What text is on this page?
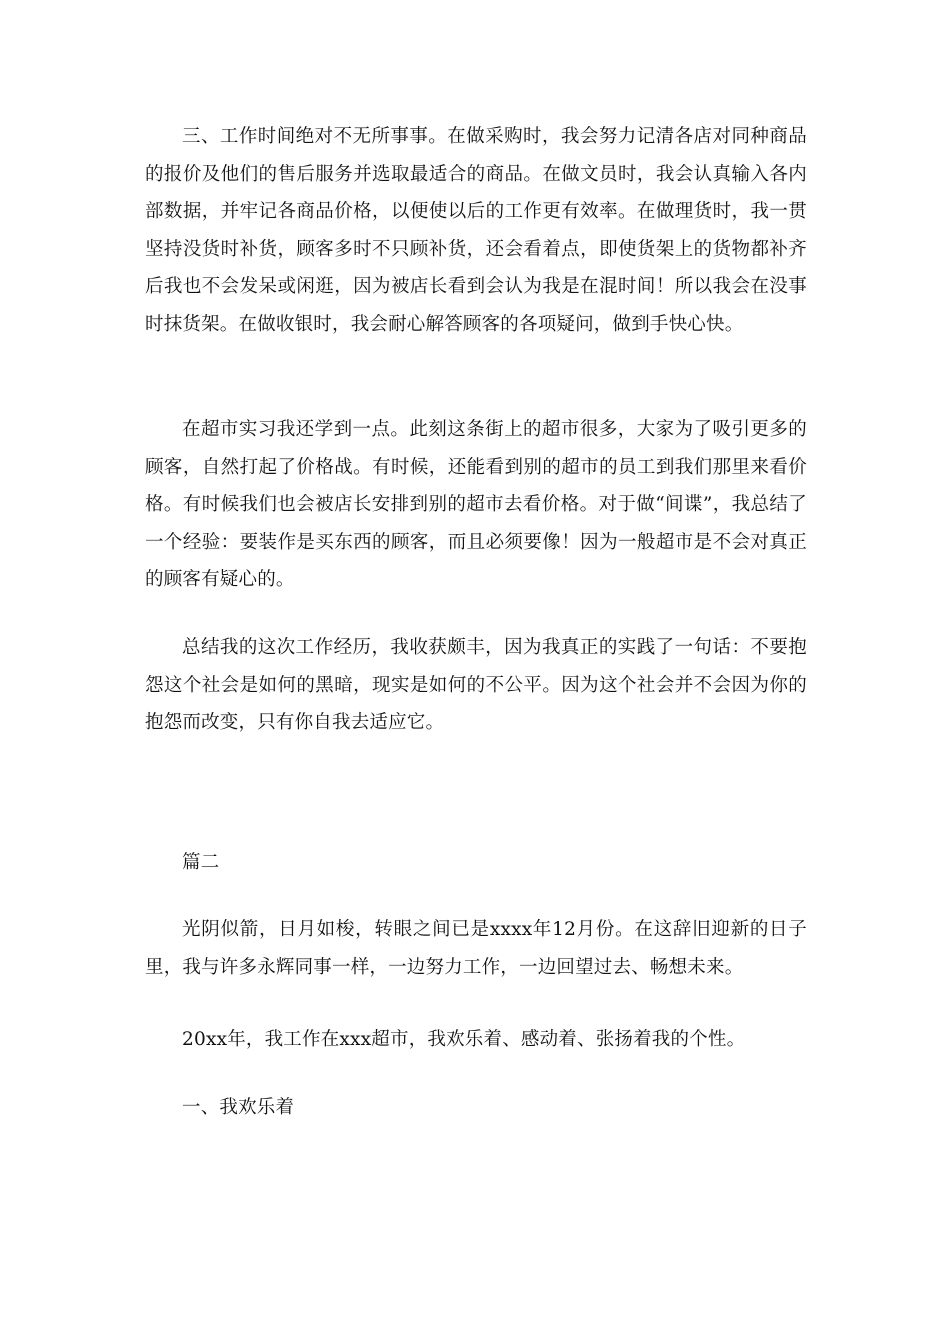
三、工作时间绝对不无所事事。在做采购时，我会努力记清各店对同种商品的报价及他们的售后服务并选取最适合的商品。在做文员时，我会认真输入各内部数据，并牢记各商品价格，以便使以后的工作更有效率。在做理货时，我一贯坚持没货时补货，顾客多时不只顾补货，还会看着点，即使货架上的货物都补齐后我也不会发呆或闲逛，因为被店长看到会认为我是在混时间！所以我会在没事时抹货架。在做收银时，我会耐心解答顾客的各项疑问，做到手快心快。

在超市实习我还学到一点。此刻这条街上的超市很多，大家为了吸引更多的顾客，自然打起了价格战。有时候，还能看到别的超市的员工到我们那里来看价格。有时候我们也会被店长安排到别的超市去看价格。对于做“间谍”，我总结了一个经验：要装作是买东西的顾客，而且必须要像！因为一般超市是不会对真正的顾客有疑心的。

总结我的这次工作经历，我收获颇丰，因为我真正的实践了一句话：不要抱怨这个社会是如何的黑暗，现实是如何的不公平。因为这个社会并不会因为你的抱怨而改变，只有你自我去适应它。

篇二

光阴似箭，日月如梭，转眼之间已是xxxx年12月份。在这辞旧迎新的日子里，我与许多永辉同事一样，一边努力工作，一边回望过去、畅想未来。

20xx年，我工作在xxx超市，我欢乐着、感动着、张扬着我的个性。

一、我欢乐着
